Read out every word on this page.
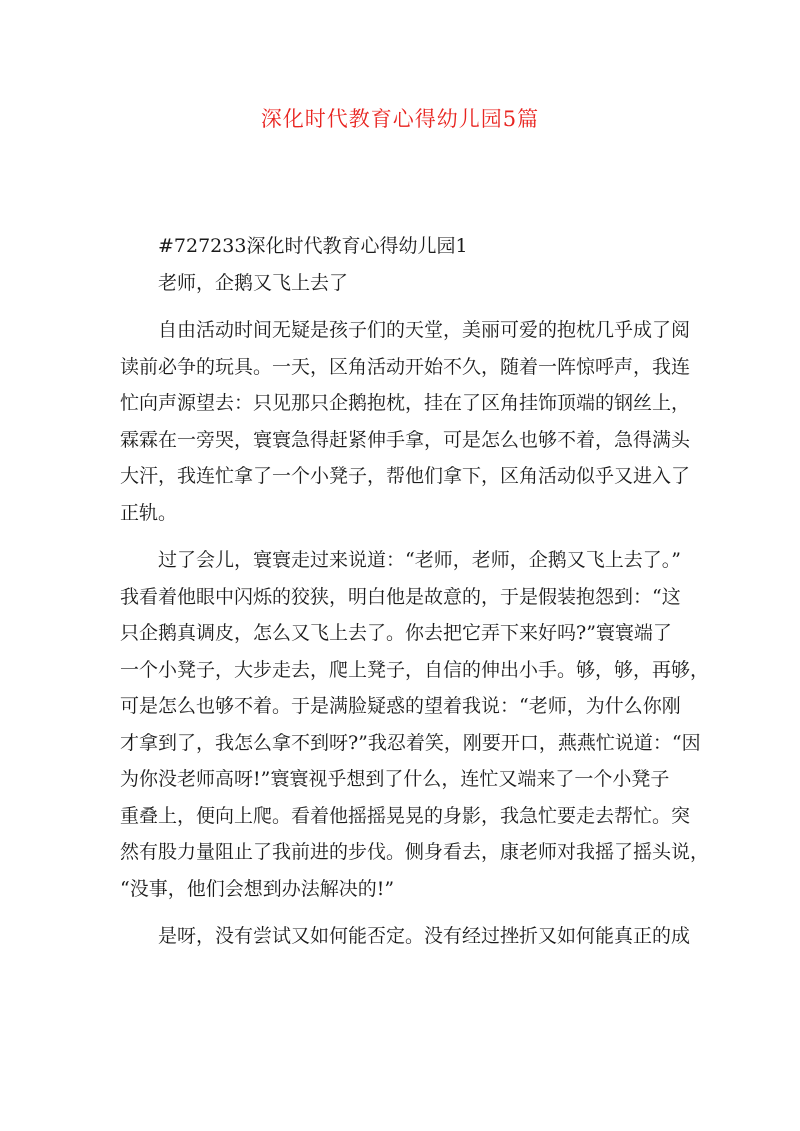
深化时代教育心得幼儿园5篇

#727233深化时代教育心得幼儿园1

老师，企鹅又飞上去了

自由活动时间无疑是孩子们的天堂，美丽可爱的抱枕几乎成了阅
读前必争的玩具。一天，区角活动开始不久，随着一阵惊呼声，我连
忙向声源望去：只见那只企鹅抱枕，挂在了区角挂饰顶端的钢丝上，
霖霖在一旁哭，寰寰急得赶紧伸手拿，可是怎么也够不着，急得满头
大汗，我连忙拿了一个小凳子，帮他们拿下，区角活动似乎又进入了
正轨。

过了会儿，寰寰走过来说道：“老师，老师，企鹅又飞上去了。”
我看着他眼中闪烁的狡狭，明白他是故意的，于是假装抱怨到：“这
只企鹅真调皮，怎么又飞上去了。你去把它弄下来好吗?”寰寰端了
一个小凳子，大步走去，爬上凳子，自信的伸出小手。够，够，再够，
可是怎么也够不着。于是满脸疑惑的望着我说：“老师，为什么你刚
才拿到了，我怎么拿不到呀?”我忍着笑，刚要开口，燕燕忙说道：“因
为你没老师高呀!”寰寰视乎想到了什么，连忙又端来了一个小凳子
重叠上，便向上爬。看着他摇摇晃晃的身影，我急忙要走去帮忙。突
然有股力量阻止了我前进的步伐。侧身看去，康老师对我摇了摇头说，
“没事，他们会想到办法解决的!”

是呀，没有尝试又如何能否定。没有经过挫折又如何能真正的成
